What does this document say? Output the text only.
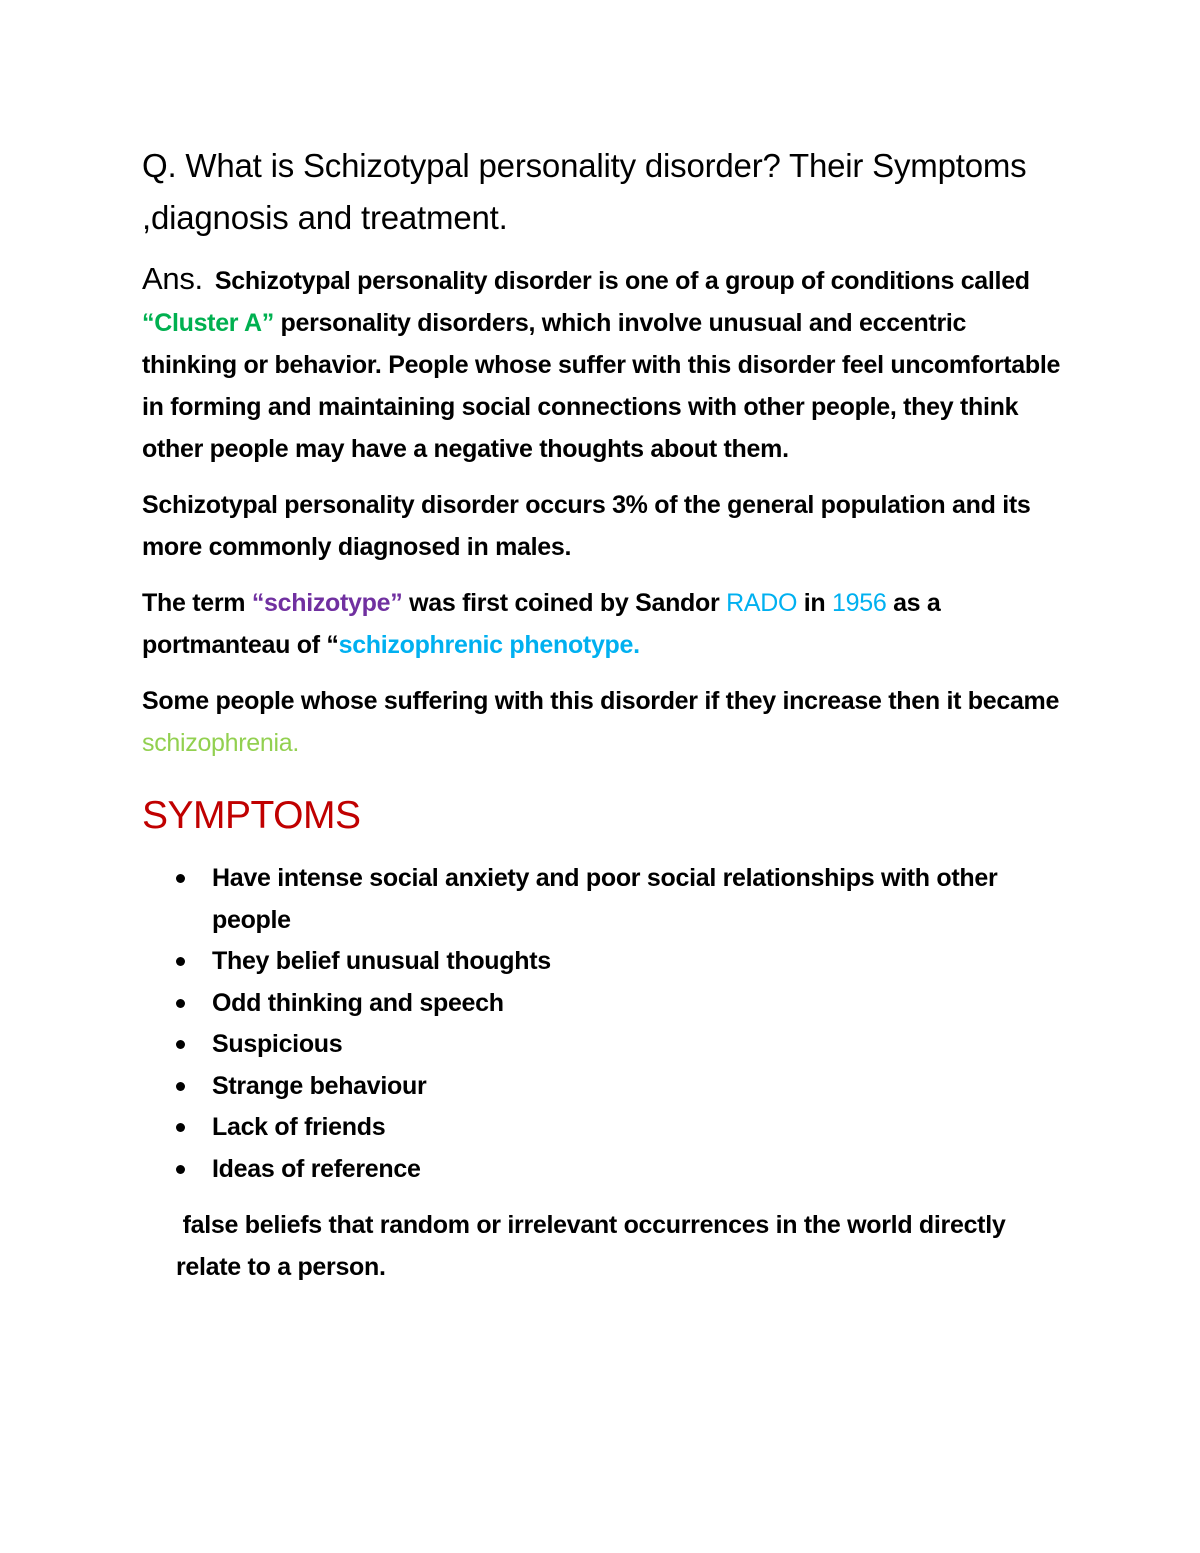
Q. What is Schizotypal personality disorder? Their Symptoms ,diagnosis and treatment.

Ans. Schizotypal personality disorder is one of a group of conditions called “Cluster A” personality disorders, which involve unusual and eccentric thinking or behavior. People whose suffer with this disorder feel uncomfortable in forming and maintaining social connections with other people, they think other people may have a negative thoughts about them.

Schizotypal personality disorder occurs 3% of the general population and its more commonly diagnosed in males.

The term “schizotype” was first coined by Sandor RADO in 1956 as a portmanteau of “schizophrenic phenotype.

Some people whose suffering with this disorder if they increase then it became schizophrenia.

SYMPTOMS
Have intense social anxiety and poor social relationships with other people
They belief unusual thoughts
Odd thinking and speech
Suspicious
Strange behaviour
Lack of friends
Ideas of reference

false beliefs that random or irrelevant occurrences in the world directly relate to a person.
